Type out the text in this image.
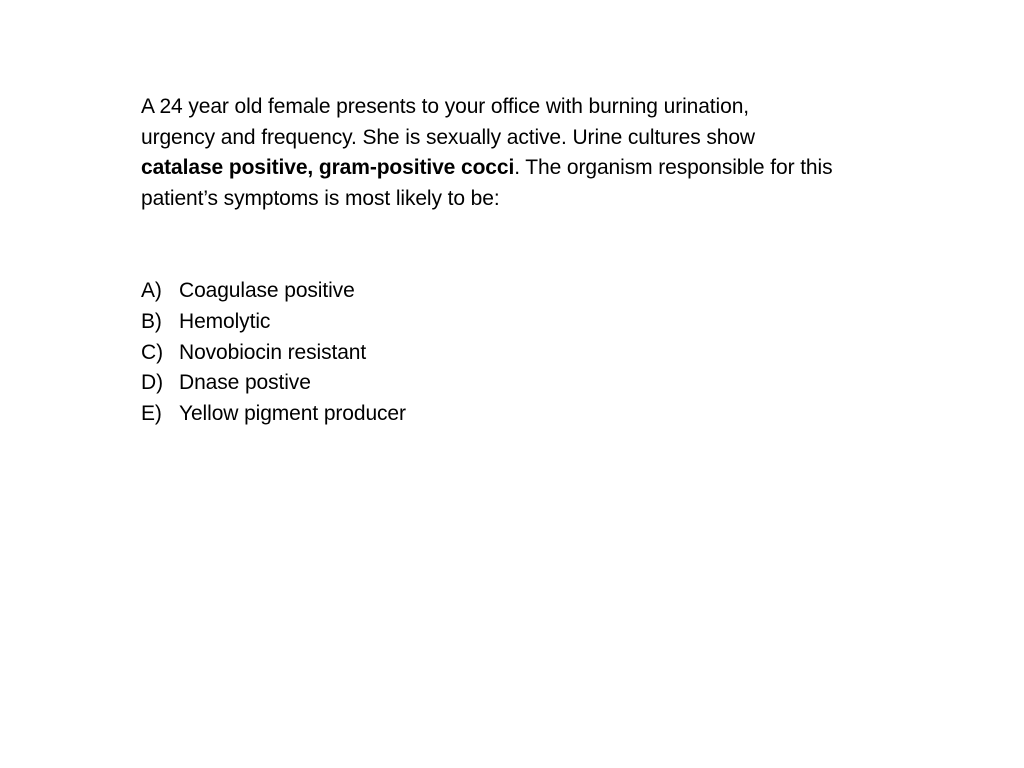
A 24 year old female presents to your office with burning urination,
urgency and frequency. She is sexually active. Urine cultures show
catalase positive, gram-positive cocci. The organism responsible for this
patient’s symptoms is most likely to be:
A) Coagulase positive
B) Hemolytic
C) Novobiocin resistant
D) Dnase postive
E) Yellow pigment producer
